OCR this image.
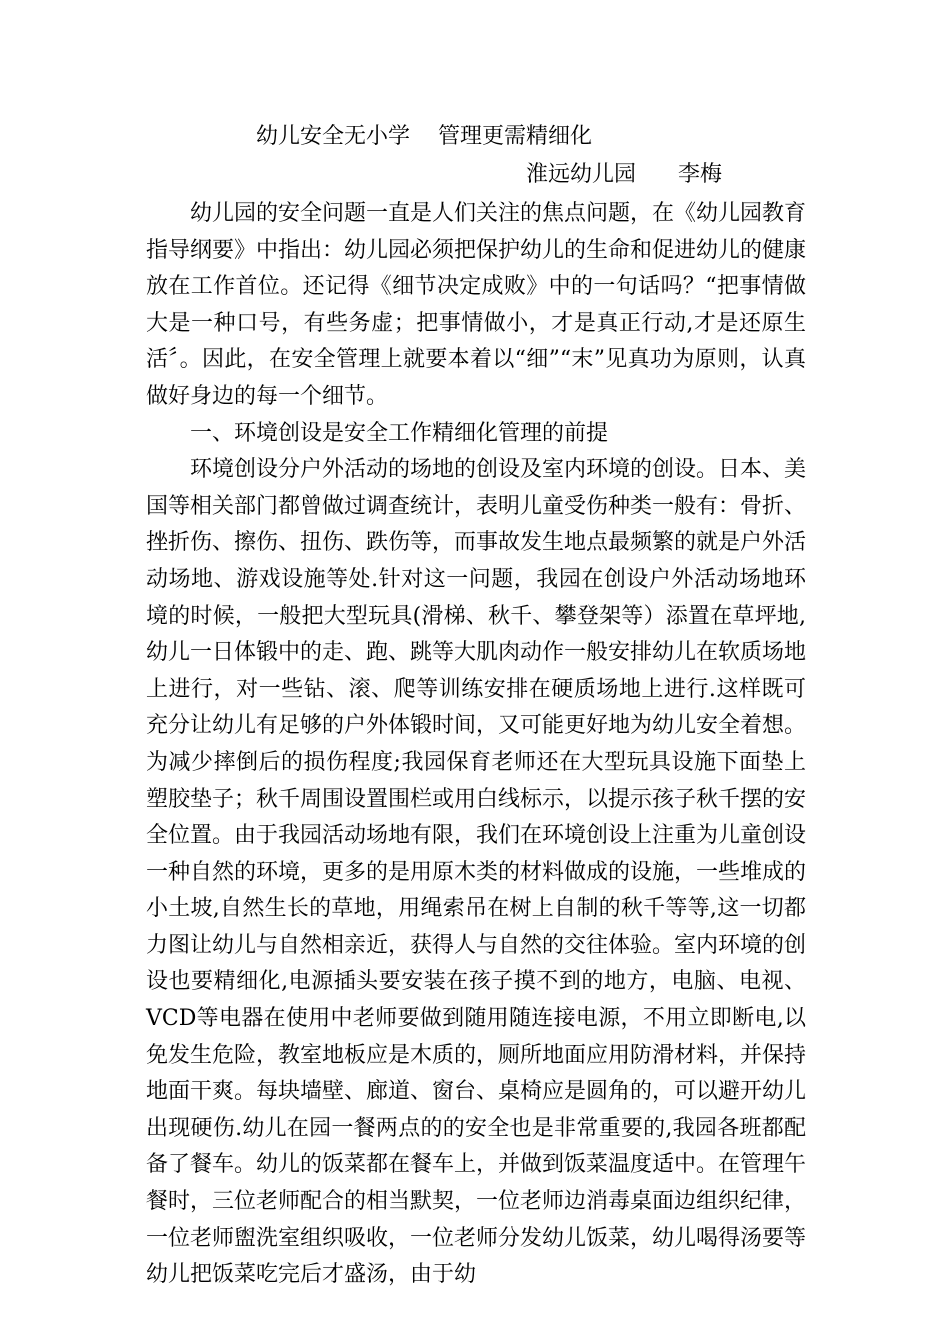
幼儿安全无小学    管理更需精细化
淮远幼儿园      李梅

幼儿园的安全问题一直是人们关注的焦点问题，在《幼儿园教育指导纲要》中指出：幼儿园必须把保护幼儿的生命和促进幼儿的健康放在工作首位。还记得《细节决定成败》中的一句话吗？“把事情做大是一种口号，有些务虚；把事情做小，才是真正行动,才是还原生活〞。因此，在安全管理上就要本着以“细”“末”见真功为原则，认真做好身边的每一个细节。

一、环境创设是安全工作精细化管理的前提

环境创设分户外活动的场地的创设及室内环境的创设。日本、美国等相关部门都曾做过调查统计，表明儿童受伤种类一般有：骨折、挫折伤、擦伤、扭伤、跌伤等，而事故发生地点最频繁的就是户外活动场地、游戏设施等处.针对这一问题，我园在创设户外活动场地环境的时候，一般把大型玩具(滑梯、秋千、攀登架等）添置在草坪地,幼儿一日体锻中的走、跑、跳等大肌肉动作一般安排幼儿在软质场地上进行，对一些钻、滚、爬等训练安排在硬质场地上进行.这样既可充分让幼儿有足够的户外体锻时间，又可能更好地为幼儿安全着想。为减少摔倒后的损伤程度;我园保育老师还在大型玩具设施下面垫上塑胶垫子；秋千周围设置围栏或用白线标示，以提示孩子秋千摆的安全位置。由于我园活动场地有限，我们在环境创设上注重为儿童创设一种自然的环境，更多的是用原木类的材料做成的设施，一些堆成的小土坡,自然生长的草地，用绳索吊在树上自制的秋千等等,这一切都力图让幼儿与自然相亲近，获得人与自然的交往体验。室内环境的创设也要精细化,电源插头要安装在孩子摸不到的地方，电脑、电视、VCD等电器在使用中老师要做到随用随连接电源，不用立即断电,以免发生危险，教室地板应是木质的，厕所地面应用防滑材料，并保持地面干爽。每块墙壁、廊道、窗台、桌椅应是圆角的，可以避开幼儿出现硬伤.幼儿在园一餐两点的的安全也是非常重要的,我园各班都配备了餐车。幼儿的饭菜都在餐车上，并做到饭菜温度适中。在管理午餐时，三位老师配合的相当默契，一位老师边消毒桌面边组织纪律，一位老师盥洗室组织吸收，一位老师分发幼儿饭菜，幼儿喝得汤要等幼儿把饭菜吃完后才盛汤，由于幼
